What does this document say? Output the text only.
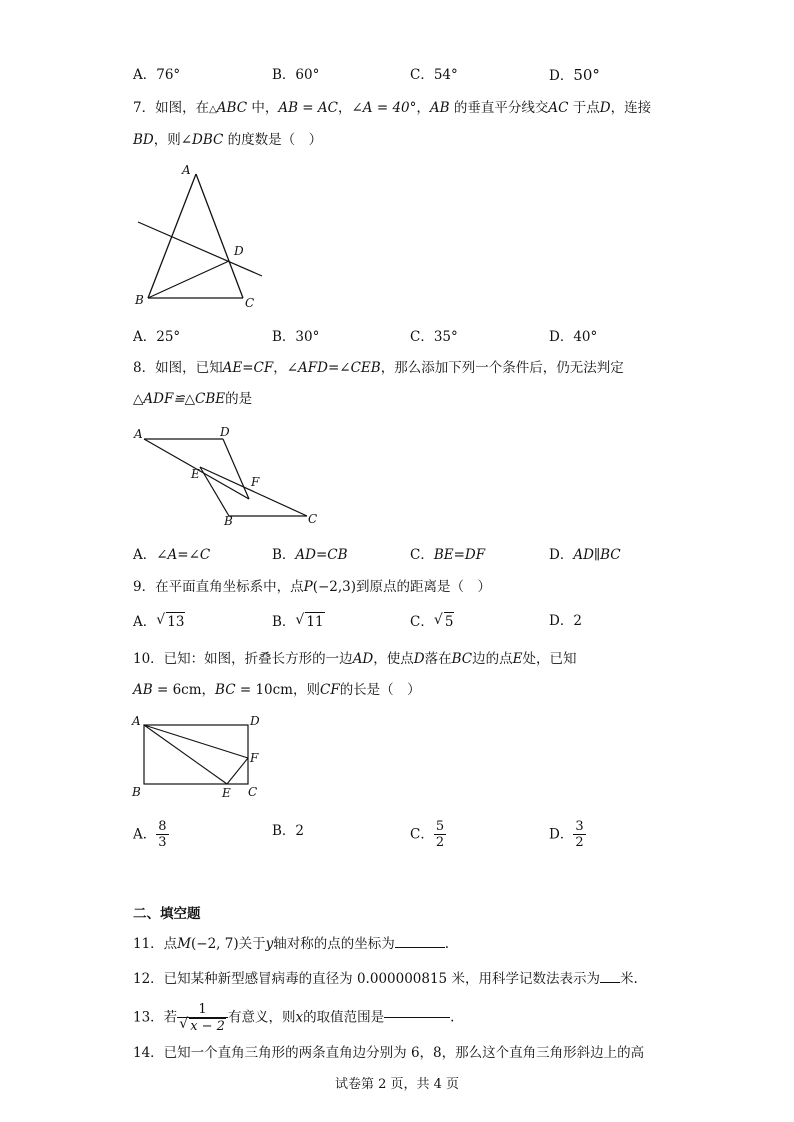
A．76°	B．60°	C．54°	D．50°
7．如图，在△ABC 中，AB = AC，∠A = 40°，AB 的垂直平分线交AC 于点D，连接
BD，则∠DBC 的度数是（　）
A
B	C
D
A．25°	B．30°	C．35°	D．40°
8．如图，已知AE=CF，∠AFD=∠CEB，那么添加下列一个条件后，仍无法判定
△ADF≌△CBE的是
A	D
E
F
B	C
A．∠A=∠C	B．AD=CB	C．BE=DF	D．AD∥BC
9．在平面直角坐标系中，点P(−2,3)到原点的距离是（　）
A． √ 13	B． √ 11	C． √ 5	D．2
10．已知：如图，折叠长方形的一边AD，使点D落在BC边的点E处，已知
AB = 6cm，BC = 10cm，则CF的长是（　）
A	D
F
B	E C
A． $\frac{8}{3}$	B．2	C． $\frac{5}{2}$	D． $\frac{3}{2}$
二、填空题
11．点M(−2, 7)关于y轴对称的点的坐标为	.
12．已知某种新型感冒病毒的直径为 0.000000815 米，用科学记数法表示为 米.
13．若 $\frac{1}{√ x - 2}$ 有意义，则x的取值范围是	.
14．已知一个直角三角形的两条直角边分别为 6，8，那么这个直角三角形斜边上的高
试卷第 2 页，共 4 页
